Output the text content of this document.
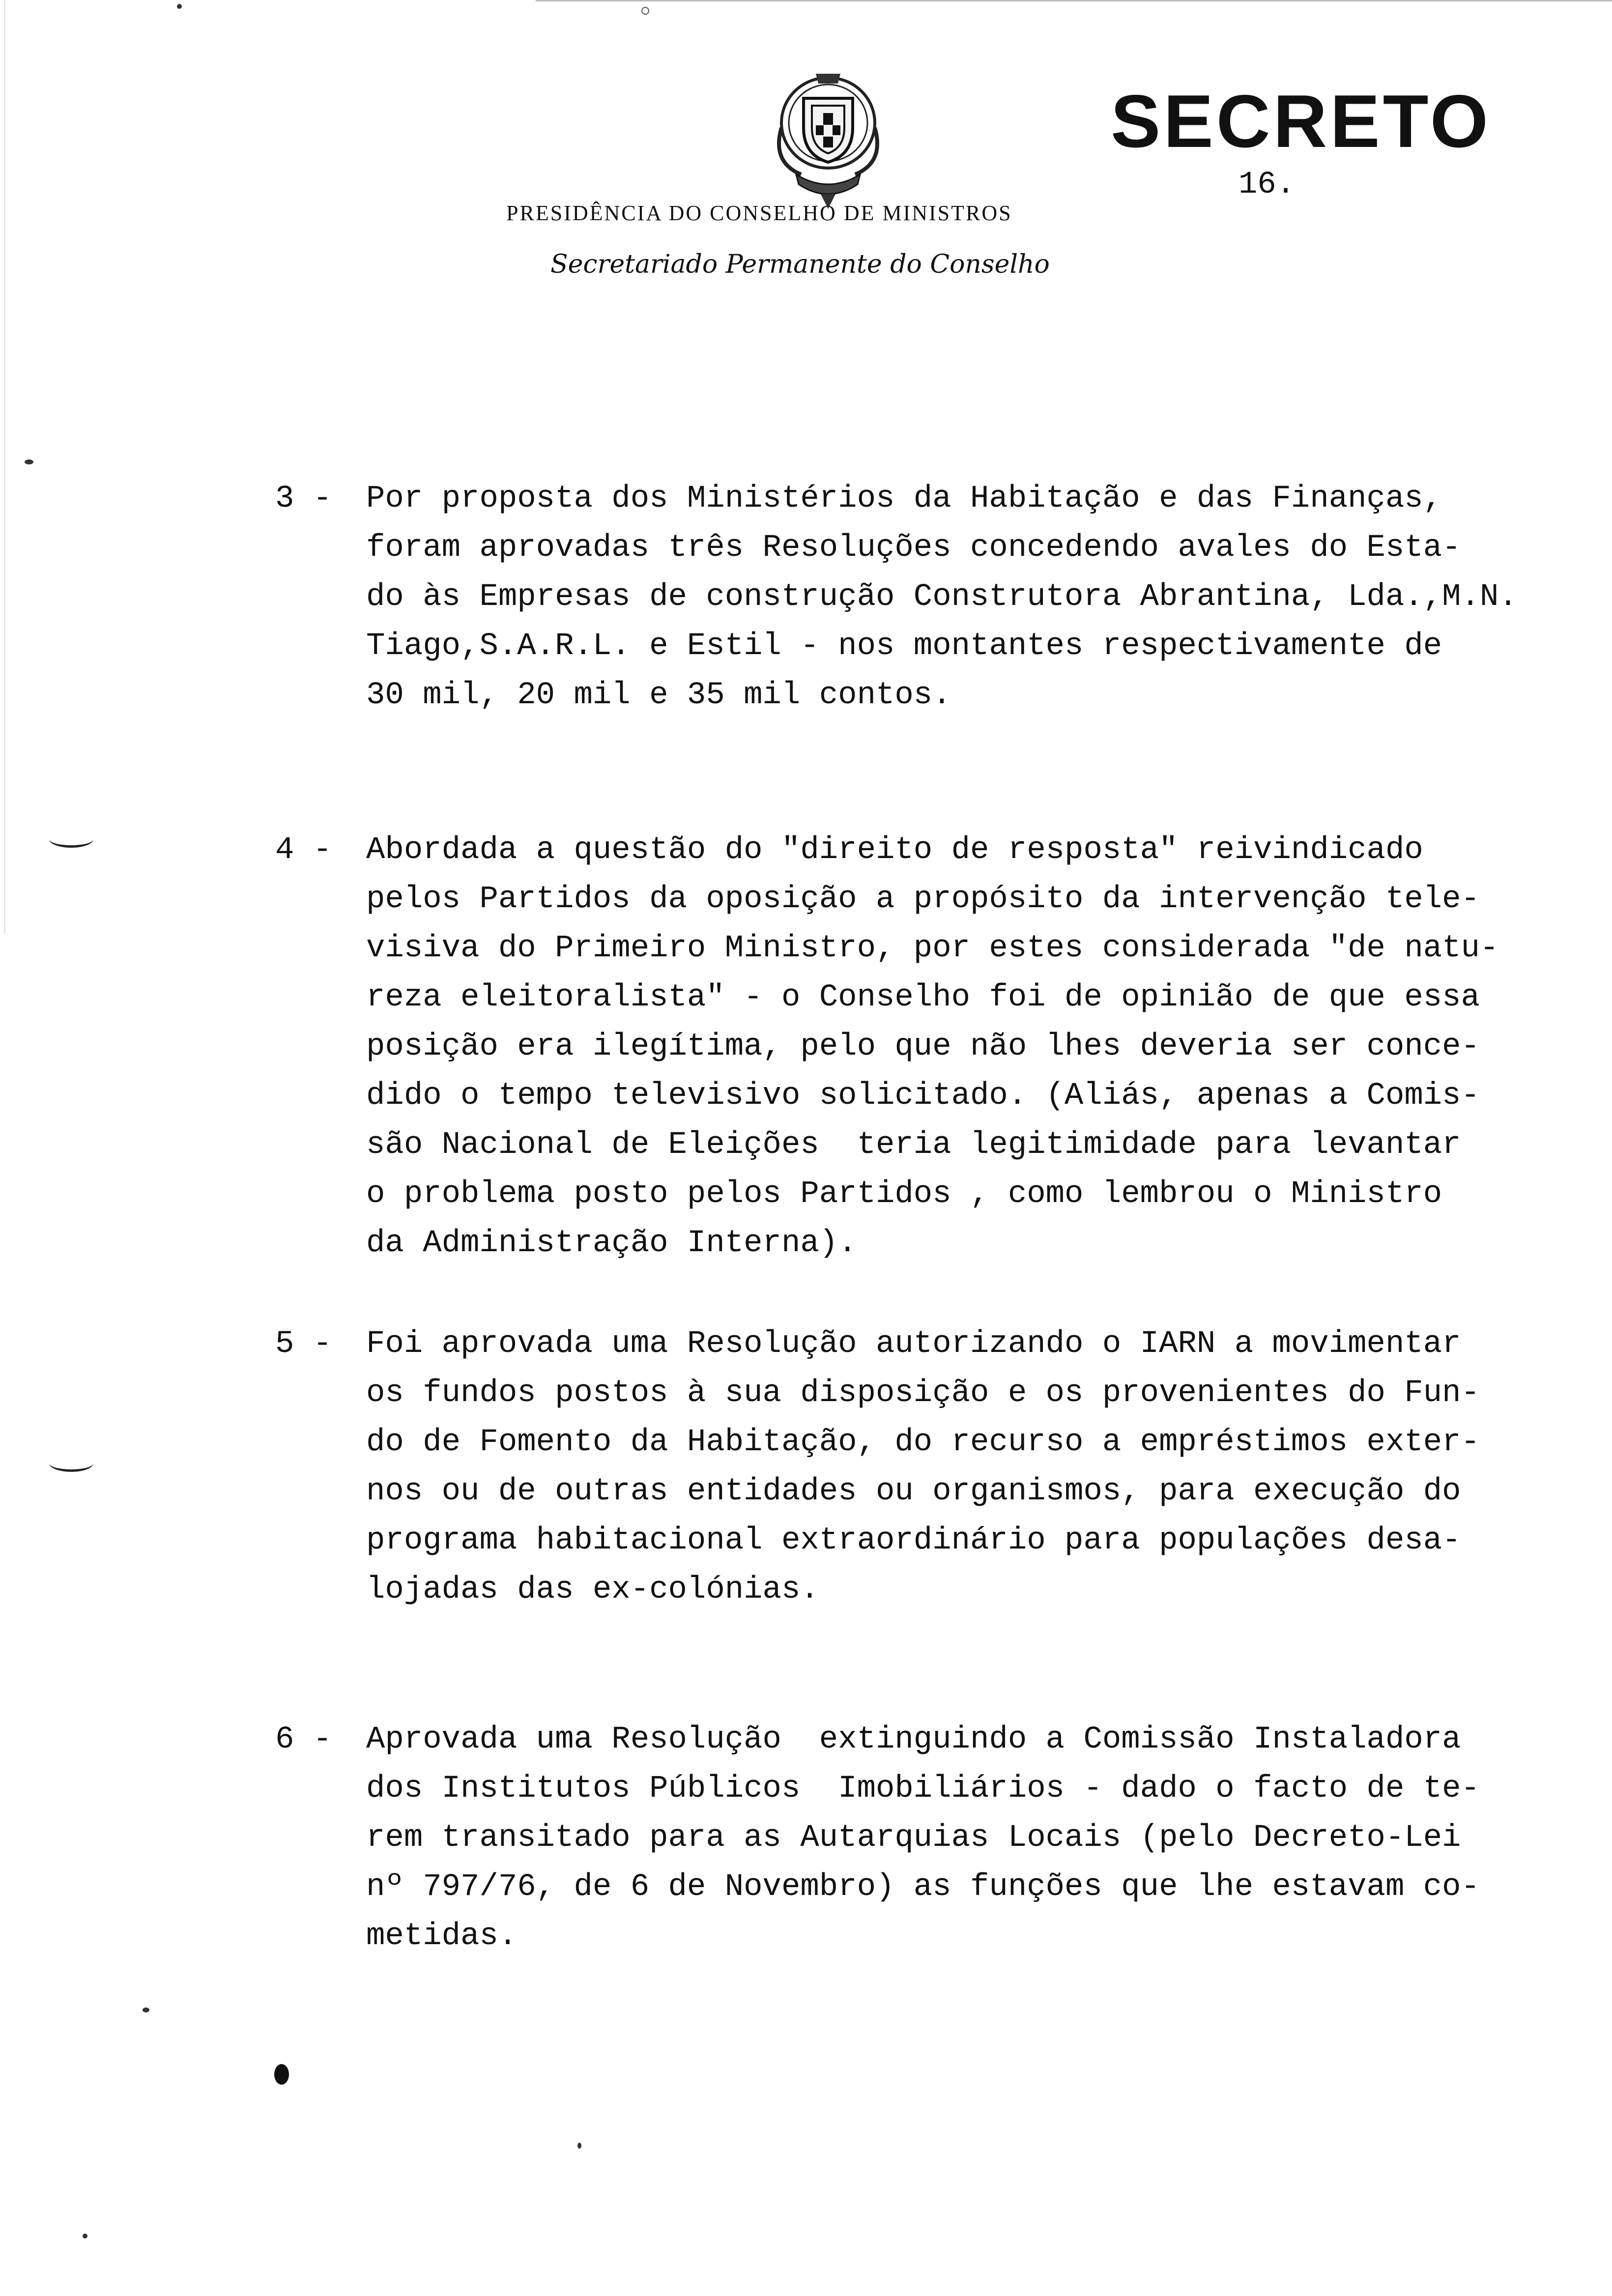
SECRETO
16.
PRESIDÊNCIA DO CONSELHO DE MINISTROS
Secretariado Permanente do Conselho
3 -	Por proposta dos Ministérios da Habitação e das Finanças,
foram aprovadas três Resoluções concedendo avales do Esta-
do às Empresas de construção Construtora Abrantina, Lda.,M.N.
Tiago,S.A.R.L. e Estil - nos montantes respectivamente de
30 mil, 20 mil e 35 mil contos.
4 -	Abordada a questão do "direito de resposta" reivindicado
pelos Partidos da oposição a propósito da intervenção tele-
visiva do Primeiro Ministro, por estes considerada "de natu-
reza eleitoralista" - o Conselho foi de opinião de que essa
posição era ilegítima, pelo que não lhes deveria ser conce-
dido o tempo televisivo solicitado. (Aliás, apenas a Comis-
são Nacional de Eleições  teria legitimidade para levantar
o problema posto pelos Partidos , como lembrou o Ministro
da Administração Interna).
5 -	Foi aprovada uma Resolução autorizando o IARN a movimentar
os fundos postos à sua disposição e os provenientes do Fun-
do de Fomento da Habitação, do recurso a empréstimos exter-
nos ou de outras entidades ou organismos, para execução do
programa habitacional extraordinário para populações desa-
lojadas das ex-colónias.
6 -	Aprovada uma Resolução  extinguindo a Comissão Instaladora
dos Institutos Públicos  Imobiliários - dado o facto de te-
rem transitado para as Autarquias Locais (pelo Decreto-Lei
nº 797/76, de 6 de Novembro) as funções que lhe estavam co-
metidas.
